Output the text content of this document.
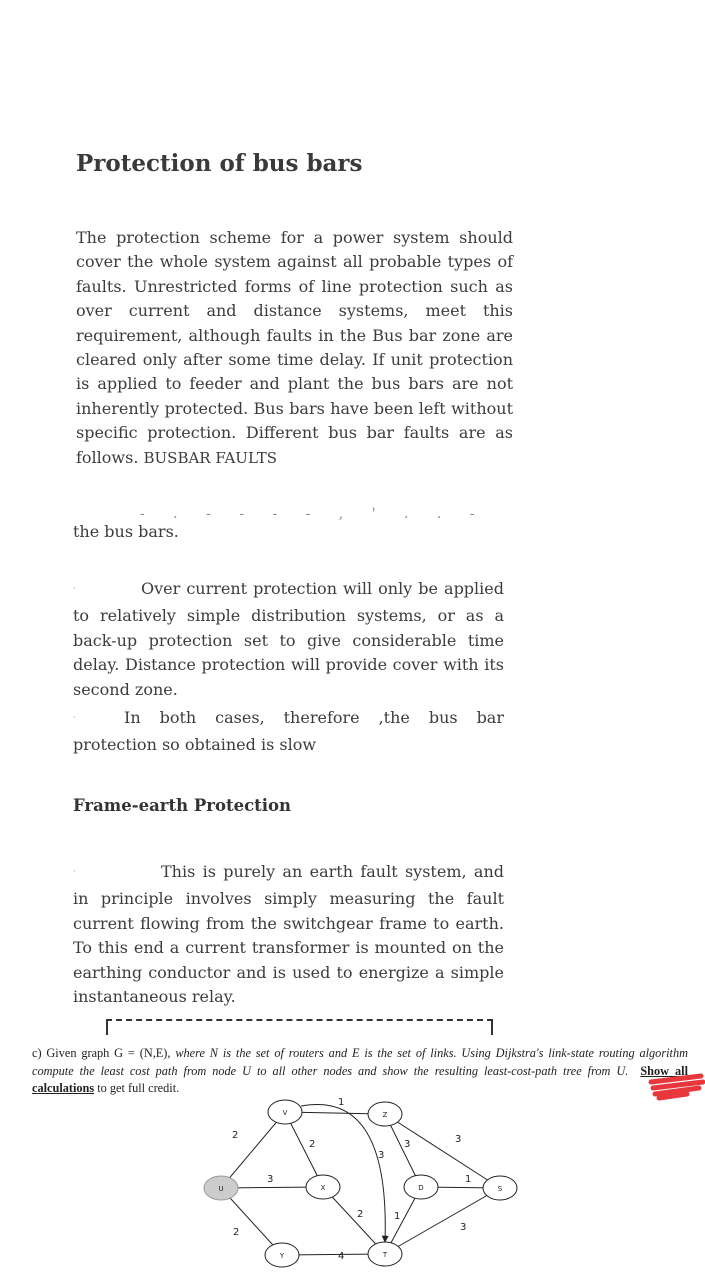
Protection of bus bars
The protection scheme for a power system should cover the whole system against all probable types of faults. Unrestricted forms of line protection such as over current and distance systems, meet this requirement, although faults in the Bus bar zone are cleared only after some time delay. If unit protection is applied to feeder and plant the bus bars are not inherently protected. Bus bars have been left without specific protection. Different bus bar faults are as follows. BUSBAR FAULTS
- . - - - - , ' . . -
the bus bars.
·	Over current protection will only be applied to relatively simple distribution systems, or as a back-up protection set to give considerable time delay. Distance protection will provide cover with its second zone.
·	In both cases, therefore ,the bus bar protection so obtained is slow
Frame-earth Protection
·	This is purely an earth fault system, and in principle involves simply measuring the fault current flowing from the switchgear frame to earth. To this end a current transformer is mounted on the earthing conductor and is used to energize a simple instantaneous relay.
c) Given graph G = (N,E), where N is the set of routers and E is the set of links. Using Dijkstra's link-state routing algorithm compute the least cost path from node U to all other nodes and show the resulting least-cost-path tree from U. Show all calculations to get full credit.
2
3
2
2
1
3
2
4
3	3
1
1
3
U
V
X
Y
Z
T
D	S
